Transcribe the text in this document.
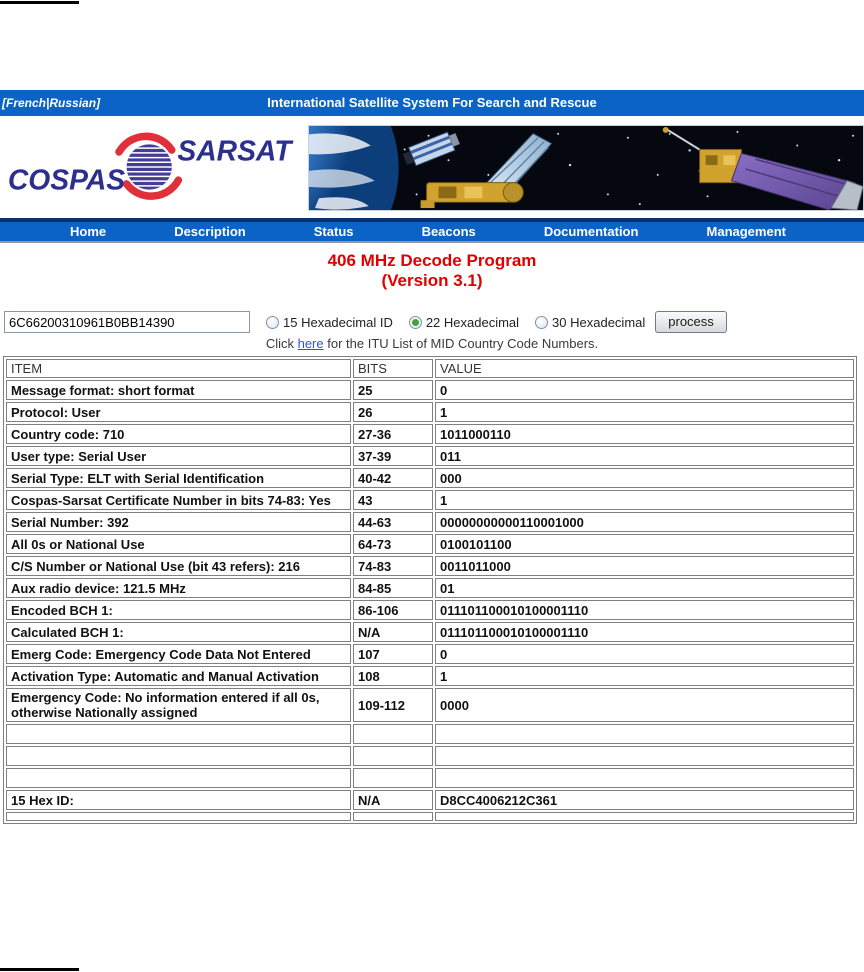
[French|Russian]	International Satellite System For Search and Rescue
COSPAS
SARSAT
Home	Description	Status	Beacons	Documentation	Management
406 MHz Decode Program
(Version 3.1)
6C66200310961B0BB14390
15 Hexadecimal ID	22 Hexadecimal	30 Hexadecimal	process
Click here for the ITU List of MID Country Code Numbers.
ITEM	BITS	VALUE
Message format: short format	25	0
Protocol: User	26	1
Country code: 710	27-36	1011000110
User type: Serial User	37-39	011
Serial Type: ELT with Serial Identification	40-42	000
Cospas-Sarsat Certificate Number in bits 74-83: Yes	43	1
Serial Number: 392	44-63	00000000000110001000
All 0s or National Use	64-73	0100101100
C/S Number or National Use (bit 43 refers): 216	74-83	0011011000
Aux radio device: 121.5 MHz	84-85	01
Encoded BCH 1:	86-106	011101100010100001110
Calculated BCH 1:	N/A	011101100010100001110
Emerg Code: Emergency Code Data Not Entered	107	0
Activation Type: Automatic and Manual Activation	108	1
Emergency Code: No information entered if all 0s, otherwise Nationally assigned	109-112	0000

15 Hex ID:	N/A	D8CC4006212C361
